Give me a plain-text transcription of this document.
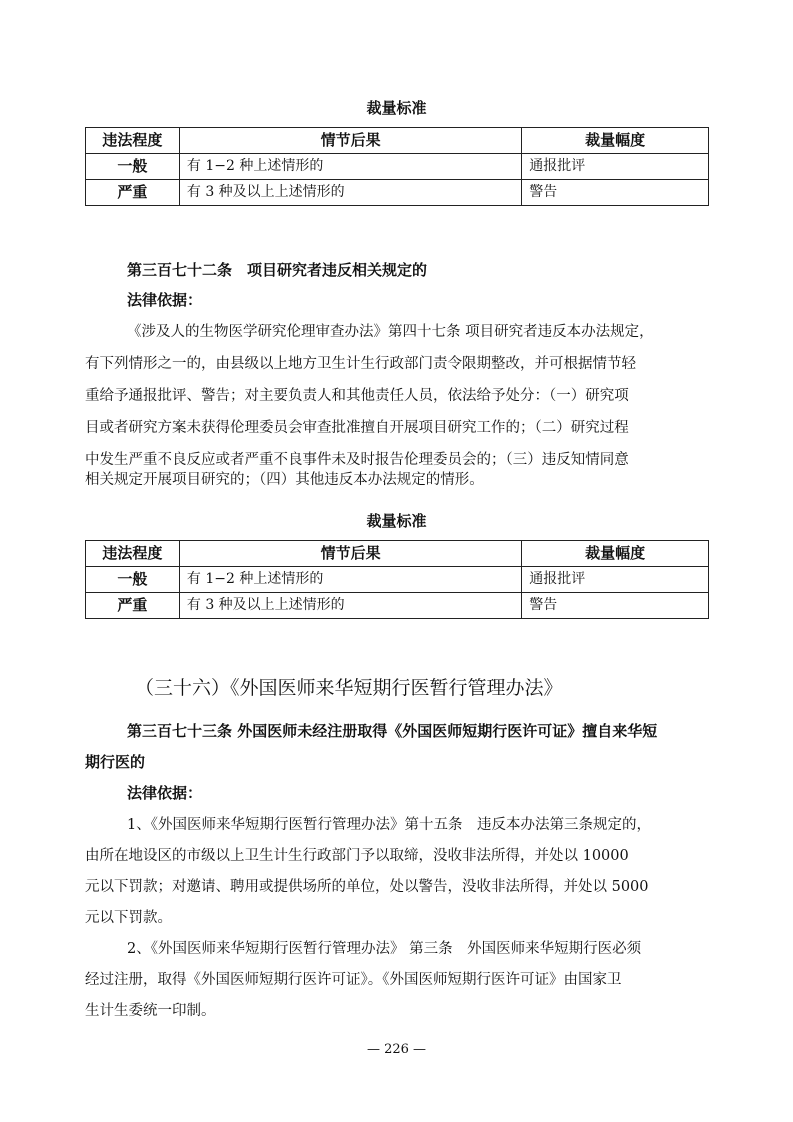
裁量标准
违法程度	情节后果	裁量幅度
一般	有 1−2 种上述情形的	通报批评
严重	有 3 种及以上上述情形的	警告
第三百七十二条　项目研究者违反相关规定的
法律依据：
《涉及人的生物医学研究伦理审查办法》第四十七条 项目研究者违反本办法规定，
有下列情形之一的，由县级以上地方卫生计生行政部门责令限期整改，并可根据情节轻
重给予通报批评、警告；对主要负责人和其他责任人员，依法给予处分：（一）研究项
目或者研究方案未获得伦理委员会审查批准擅自开展项目研究工作的；（二）研究过程
中发生严重不良反应或者严重不良事件未及时报告伦理委员会的；（三）违反知情同意
相关规定开展项目研究的；（四）其他违反本办法规定的情形。
裁量标准
违法程度	情节后果	裁量幅度
一般	有 1−2 种上述情形的	通报批评
严重	有 3 种及以上上述情形的	警告
（三十六）《外国医师来华短期行医暂行管理办法》
第三百七十三条 外国医师未经注册取得《外国医师短期行医许可证》擅自来华短
期行医的
法律依据：
1、《外国医师来华短期行医暂行管理办法》第十五条　违反本办法第三条规定的，
由所在地设区的市级以上卫生计生行政部门予以取缔，没收非法所得，并处以 10000
元以下罚款；对邀请、聘用或提供场所的单位，处以警告，没收非法所得，并处以 5000
元以下罚款。
2、《外国医师来华短期行医暂行管理办法》 第三条　外国医师来华短期行医必须
经过注册，取得《外国医师短期行医许可证》。《外国医师短期行医许可证》由国家卫
生计生委统一印制。
— 226 —
